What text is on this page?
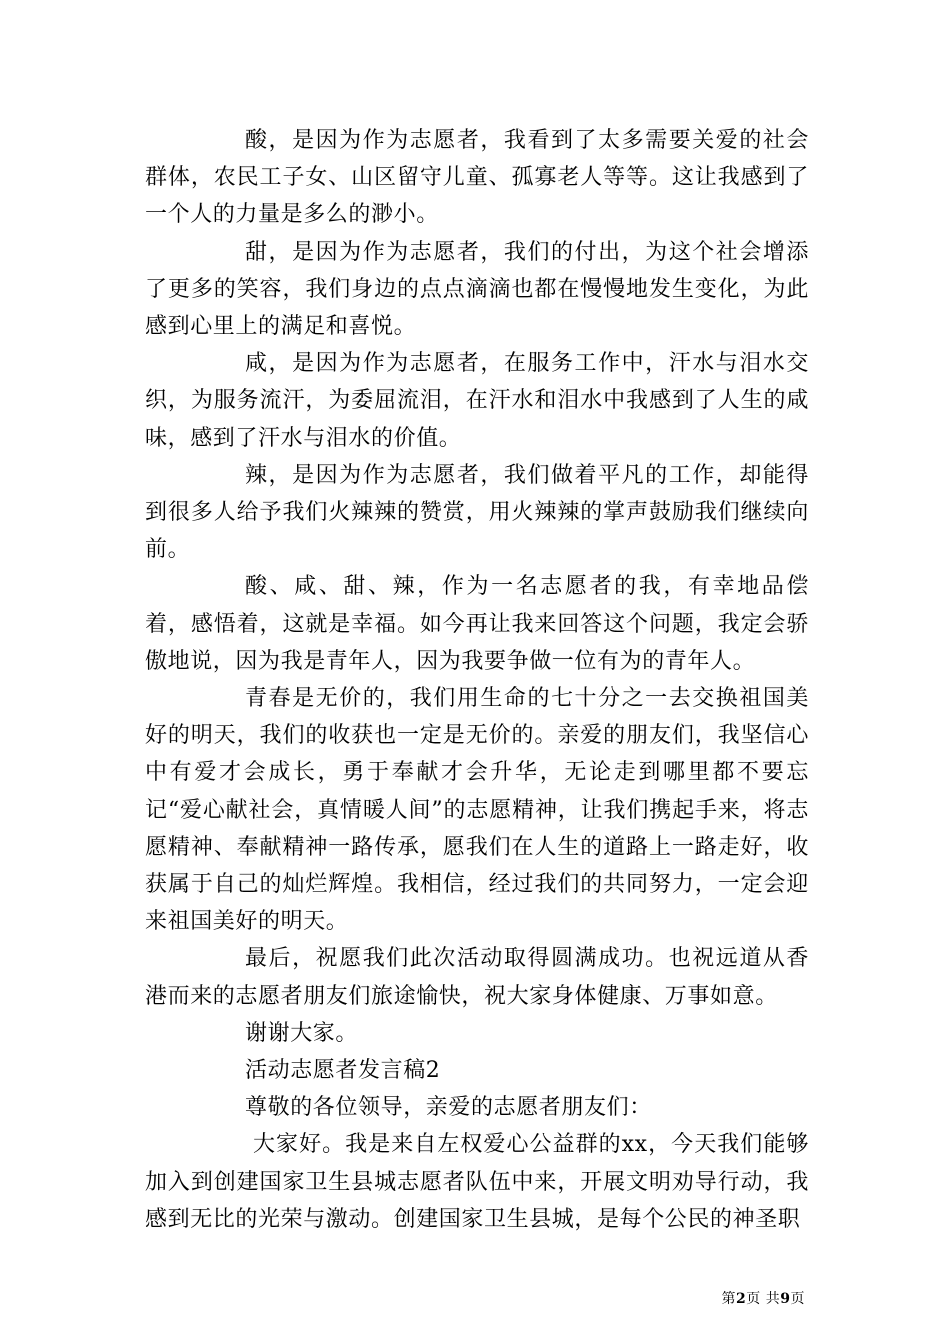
酸，是因为作为志愿者，我看到了太多需要关爱的社会群体，农民工子女、山区留守儿童、孤寡老人等等。这让我感到了一个人的力量是多么的渺小。

甜，是因为作为志愿者，我们的付出，为这个社会增添了更多的笑容，我们身边的点点滴滴也都在慢慢地发生变化，为此感到心里上的满足和喜悦。

咸，是因为作为志愿者，在服务工作中，汗水与泪水交织，为服务流汗，为委屈流泪，在汗水和泪水中我感到了人生的咸味，感到了汗水与泪水的价值。

辣，是因为作为志愿者，我们做着平凡的工作，却能得到很多人给予我们火辣辣的赞赏，用火辣辣的掌声鼓励我们继续向前。

酸、咸、甜、辣，作为一名志愿者的我，有幸地品偿着，感悟着，这就是幸福。如今再让我来回答这个问题，我定会骄傲地说，因为我是青年人，因为我要争做一位有为的青年人。

青春是无价的，我们用生命的七十分之一去交换祖国美好的明天，我们的收获也一定是无价的。亲爱的朋友们，我坚信心中有爱才会成长，勇于奉献才会升华，无论走到哪里都不要忘记“爱心献社会，真情暖人间”的志愿精神，让我们携起手来，将志愿精神、奉献精神一路传承，愿我们在人生的道路上一路走好，收获属于自己的灿烂辉煌。我相信，经过我们的共同努力，一定会迎来祖国美好的明天。

最后，祝愿我们此次活动取得圆满成功。也祝远道从香港而来的志愿者朋友们旅途愉快，祝大家身体健康、万事如意。

谢谢大家。

活动志愿者发言稿2

尊敬的各位领导，亲爱的志愿者朋友们：

大家好。我是来自左权爱心公益群的xx，今天我们能够加入到创建国家卫生县城志愿者队伍中来，开展文明劝导行动，我感到无比的光荣与激动。创建国家卫生县城，是每个公民的神圣职

第2页 共9页
